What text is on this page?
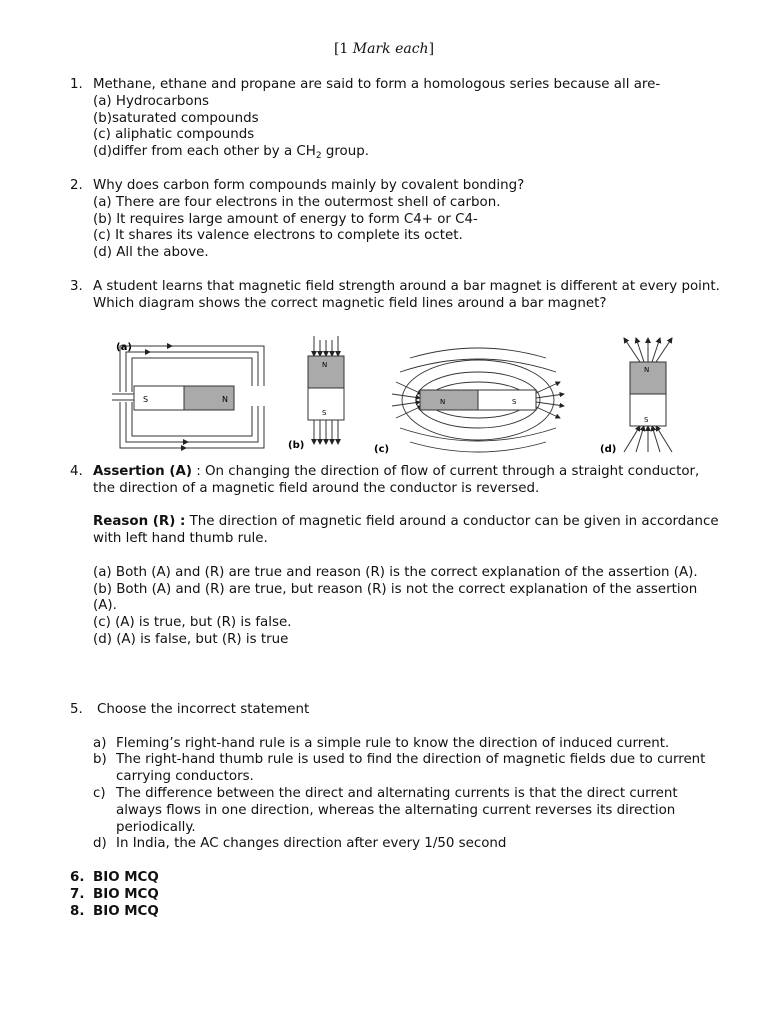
[1 Mark each]
1. Methane, ethane and propane are said to form a homologous series because all are-
(a) Hydrocarbons
(b)saturated compounds
(c) aliphatic compounds
(d)differ from each other by a $CH_2$ group.
2. Why does carbon form compounds mainly by covalent bonding?
(a) There are four electrons in the outermost shell of carbon.
(b) It requires large amount of energy to form C4+ or C4-
(c) It shares its valence electrons to complete its octet.
(d) All the above.
3. A student learns that magnetic field strength around a bar magnet is different at every point.
Which diagram shows the correct magnetic field lines around a bar magnet?
(a)
S	N
N
S
(b)
N	S
(c)
N
S
(d)
4. Assertion (A) : On changing the direction of flow of current through a straight conductor, the direction of a magnetic field around the conductor is reversed.
Reason (R) : The direction of magnetic field around a conductor can be given in accordance with left hand thumb rule.
(a) Both (A) and (R) are true and reason (R) is the correct explanation of the assertion (A).
(b) Both (A) and (R) are true, but reason (R) is not the correct explanation of the assertion (A).
(c) (A) is true, but (R) is false.
(d) (A) is false, but (R) is true
5.	Choose the incorrect statement
a) Fleming’s right-hand rule is a simple rule to know the direction of induced current.
b) The right-hand thumb rule is used to find the direction of magnetic fields due to current carrying conductors.
c) The difference between the direct and alternating currents is that the direct current always flows in one direction, whereas the alternating current reverses its direction periodically.
d) In India, the AC changes direction after every 1/50 second
6. BIO MCQ
7. BIO MCQ
8. BIO MCQ
